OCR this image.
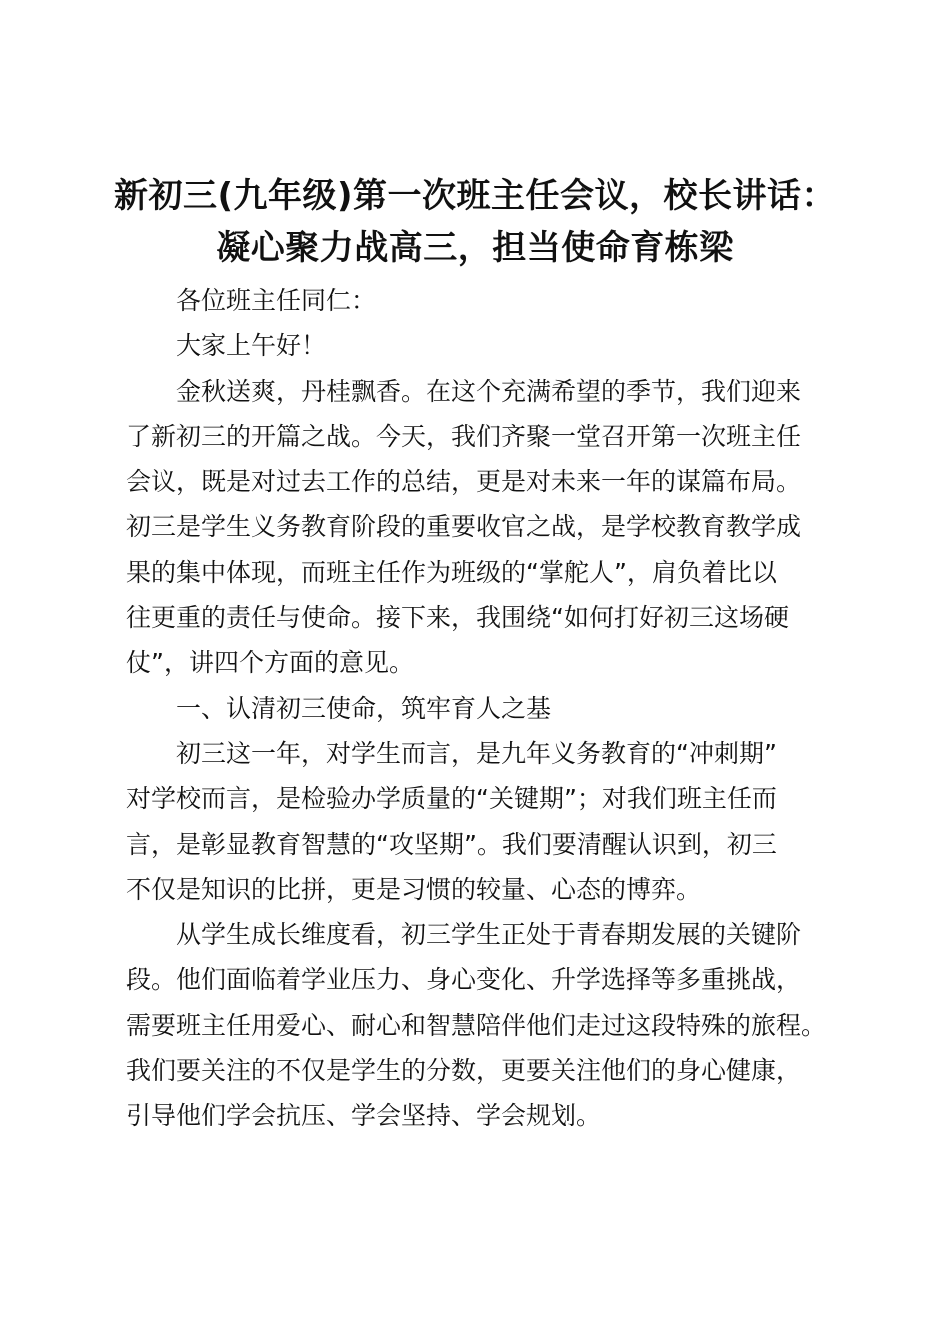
新初三(九年级)第一次班主任会议，校长讲话：
凝心聚力战高三，担当使命育栋梁
各位班主任同仁：
大家上午好！
金秋送爽，丹桂飘香。在这个充满希望的季节，我们迎来
了新初三的开篇之战。今天，我们齐聚一堂召开第一次班主任
会议，既是对过去工作的总结，更是对未来一年的谋篇布局。
初三是学生义务教育阶段的重要收官之战，是学校教育教学成
果的集中体现，而班主任作为班级的“掌舵人”，肩负着比以
往更重的责任与使命。接下来，我围绕“如何打好初三这场硬
仗”，讲四个方面的意见。
一、认清初三使命，筑牢育人之基
初三这一年，对学生而言，是九年义务教育的“冲刺期”
对学校而言，是检验办学质量的“关键期”；对我们班主任而
言，是彰显教育智慧的“攻坚期”。我们要清醒认识到，初三
不仅是知识的比拼，更是习惯的较量、心态的博弈。
从学生成长维度看，初三学生正处于青春期发展的关键阶
段。他们面临着学业压力、身心变化、升学选择等多重挑战，
需要班主任用爱心、耐心和智慧陪伴他们走过这段特殊的旅程。
我们要关注的不仅是学生的分数，更要关注他们的身心健康，
引导他们学会抗压、学会坚持、学会规划。
